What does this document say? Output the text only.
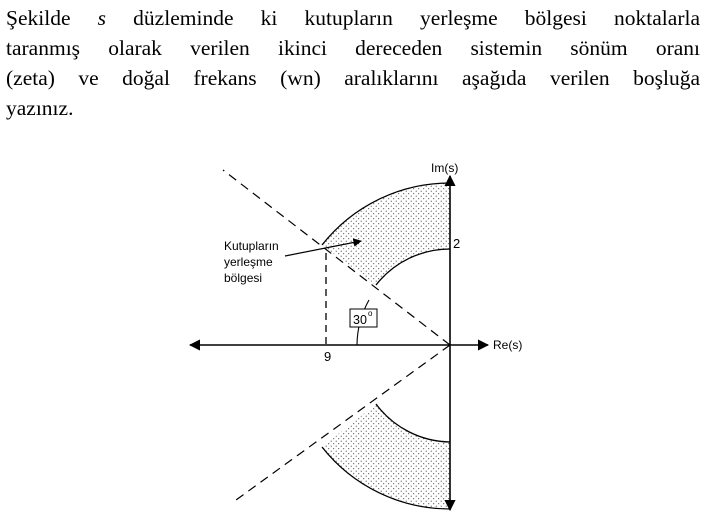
Şekilde s düzleminde ki kutupların yerleşme bölgesi noktalarla
taranmış olarak verilen ikinci dereceden sistemin sönüm oranı
(zeta) ve doğal frekans (wn) aralıklarını aşağıda verilen boşluğa
yazınız.
30 o
Im(s)
Re(s)
2
9
Kutupların
yerleşme
bölgesi
